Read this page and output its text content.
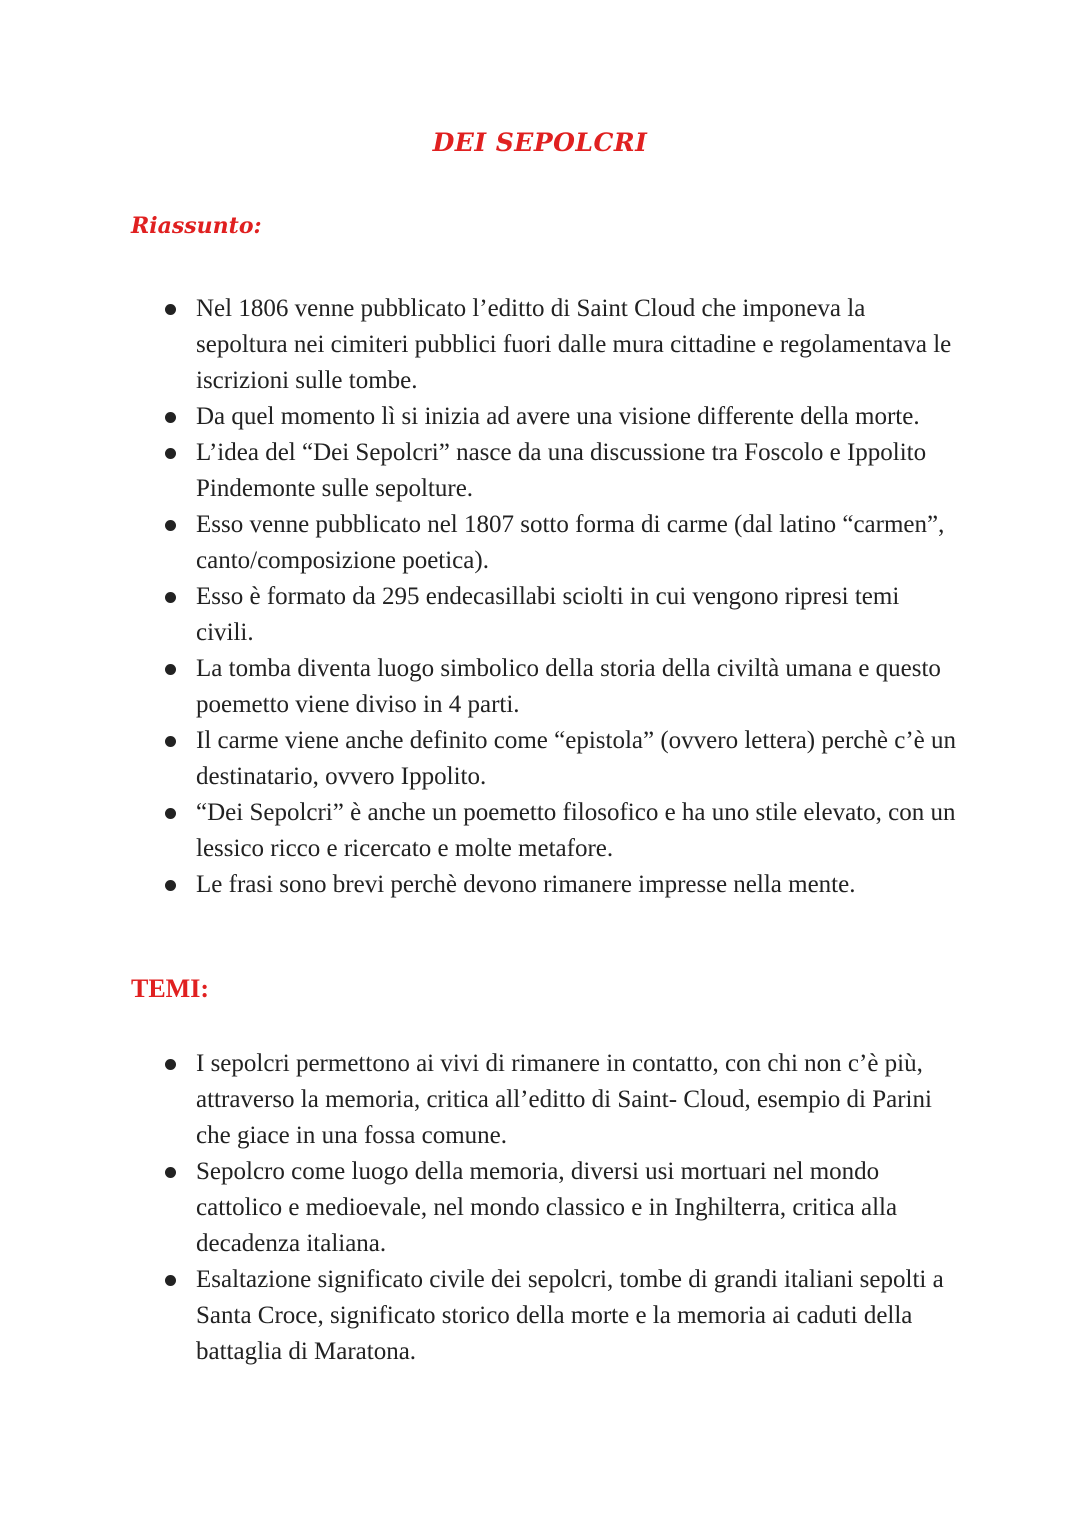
DEI SEPOLCRI
Riassunto:
Nel 1806 venne pubblicato l’editto di Saint Cloud che imponeva la sepoltura nei cimiteri pubblici fuori dalle mura cittadine e regolamentava le iscrizioni sulle tombe.
Da quel momento lì si inizia ad avere una visione differente della morte.
L’idea del “Dei Sepolcri” nasce da una discussione tra Foscolo e Ippolito Pindemonte sulle sepolture.
Esso venne pubblicato nel 1807 sotto forma di carme (dal latino “carmen”, canto/composizione poetica).
Esso è formato da 295 endecasillabi sciolti in cui vengono ripresi temi civili.
La tomba diventa luogo simbolico della storia della civiltà umana e questo poemetto viene diviso in 4 parti.
Il carme viene anche definito come “epistola” (ovvero lettera) perchè c’è un destinatario, ovvero Ippolito.
“Dei Sepolcri” è anche un poemetto filosofico e ha uno stile elevato, con un lessico ricco e ricercato e molte metafore.
Le frasi sono brevi perchè devono rimanere impresse nella mente.
TEMI:
I sepolcri permettono ai vivi di rimanere in contatto, con chi non c’è più, attraverso la memoria, critica all’editto di Saint- Cloud, esempio di Parini che giace in una fossa comune.
Sepolcro come luogo della memoria, diversi usi mortuari nel mondo cattolico e medioevale, nel mondo classico e in Inghilterra, critica alla decadenza italiana.
Esaltazione significato civile dei sepolcri, tombe di grandi italiani sepolti a Santa Croce, significato storico della morte e la memoria ai caduti della battaglia di Maratona.
